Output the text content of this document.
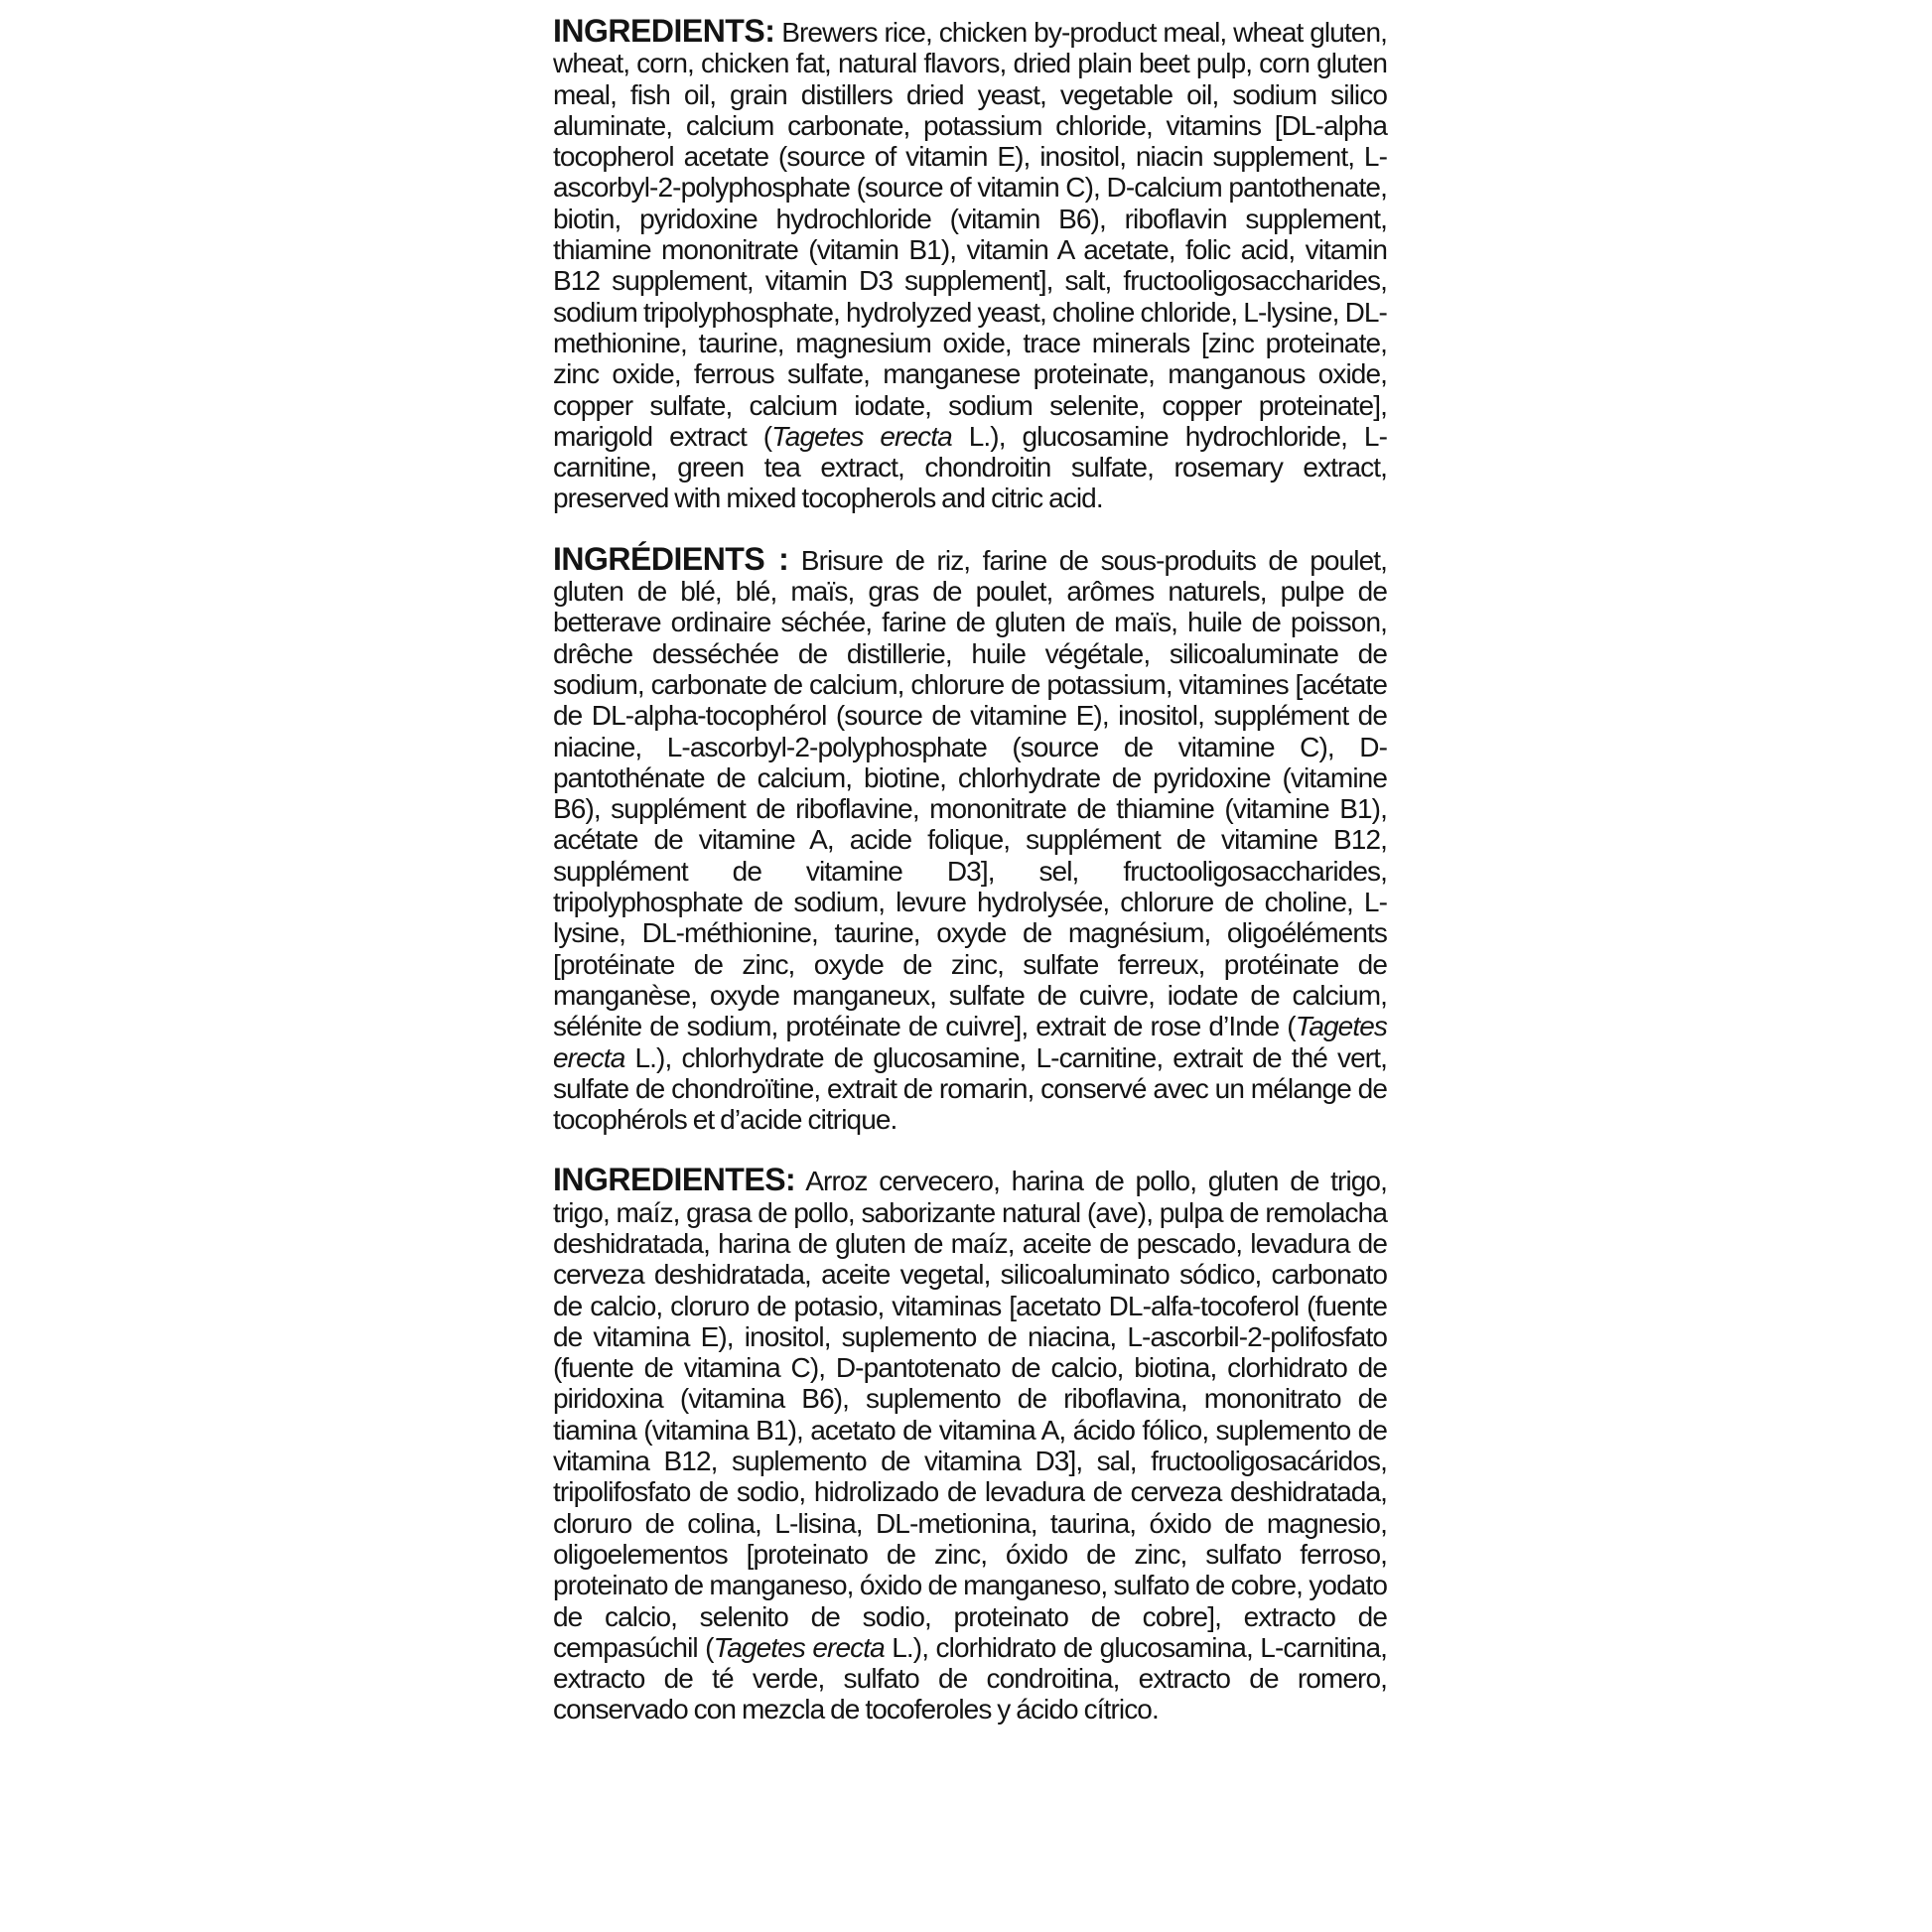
INGREDIENTS: Brewers rice, chicken by-product meal, wheat gluten, wheat, corn, chicken fat, natural flavors, dried plain beet pulp, corn gluten meal, fish oil, grain distillers dried yeast, vegetable oil, sodium silico aluminate, calcium carbonate, potassium chloride, vitamins [DL-alpha tocopherol acetate (source of vitamin E), inositol, niacin supplement, L-ascorbyl-2-polyphosphate (source of vitamin C), D-calcium pantothenate, biotin, pyridoxine hydrochloride (vitamin B6), riboflavin supplement, thiamine mononitrate (vitamin B1), vitamin A acetate, folic acid, vitamin B12 supplement, vitamin D3 supplement], salt, fructooligosaccharides, sodium tripolyphosphate, hydrolyzed yeast, choline chloride, L-lysine, DL-methionine, taurine, magnesium oxide, trace minerals [zinc proteinate, zinc oxide, ferrous sulfate, manganese proteinate, manganous oxide, copper sulfate, calcium iodate, sodium selenite, copper proteinate], marigold extract (Tagetes erecta L.), glucosamine hydrochloride, L-carnitine, green tea extract, chondroitin sulfate, rosemary extract, preserved with mixed tocopherols and citric acid.

INGRÉDIENTS : Brisure de riz, farine de sous-produits de poulet, gluten de blé, blé, maïs, gras de poulet, arômes naturels, pulpe de betterave ordinaire séchée, farine de gluten de maïs, huile de poisson, drêche desséchée de distillerie, huile végétale, silicoaluminate de sodium, carbonate de calcium, chlorure de potassium, vitamines [acétate de DL-alpha-tocophérol (source de vitamine E), inositol, supplément de niacine, L-ascorbyl-2-polyphosphate (source de vitamine C), D-pantothénate de calcium, biotine, chlorhydrate de pyridoxine (vitamine B6), supplément de riboflavine, mononitrate de thiamine (vitamine B1), acétate de vitamine A, acide folique, supplément de vitamine B12, supplément de vitamine D3], sel, fructooligosaccharides, tripolyphosphate de sodium, levure hydrolysée, chlorure de choline, L-lysine, DL-méthionine, taurine, oxyde de magnésium, oligoéléments [protéinate de zinc, oxyde de zinc, sulfate ferreux, protéinate de manganèse, oxyde manganeux, sulfate de cuivre, iodate de calcium, sélénite de sodium, protéinate de cuivre], extrait de rose d’Inde (Tagetes erecta L.), chlorhydrate de glucosamine, L-carnitine, extrait de thé vert, sulfate de chondroïtine, extrait de romarin, conservé avec un mélange de tocophérols et d’acide citrique.

INGREDIENTES: Arroz cervecero, harina de pollo, gluten de trigo, trigo, maíz, grasa de pollo, saborizante natural (ave), pulpa de remolacha deshidratada, harina de gluten de maíz, aceite de pescado, levadura de cerveza deshidratada, aceite vegetal, silicoaluminato sódico, carbonato de calcio, cloruro de potasio, vitaminas [acetato DL-alfa-tocoferol (fuente de vitamina E), inositol, suplemento de niacina, L-ascorbil-2-polifosfato (fuente de vitamina C), D-pantotenato de calcio, biotina, clorhidrato de piridoxina (vitamina B6), suplemento de riboflavina, mononitrato de tiamina (vitamina B1), acetato de vitamina A, ácido fólico, suplemento de vitamina B12, suplemento de vitamina D3], sal, fructooligosacáridos, tripolifosfato de sodio, hidrolizado de levadura de cerveza deshidratada, cloruro de colina, L-lisina, DL-metionina, taurina, óxido de magnesio, oligoelementos [proteinato de zinc, óxido de zinc, sulfato ferroso, proteinato de manganeso, óxido de manganeso, sulfato de cobre, yodato de calcio, selenito de sodio, proteinato de cobre], extracto de cempasúchil (Tagetes erecta L.), clorhidrato de glucosamina, L-carnitina, extracto de té verde, sulfato de condroitina, extracto de romero, conservado con mezcla de tocoferoles y ácido cítrico.
